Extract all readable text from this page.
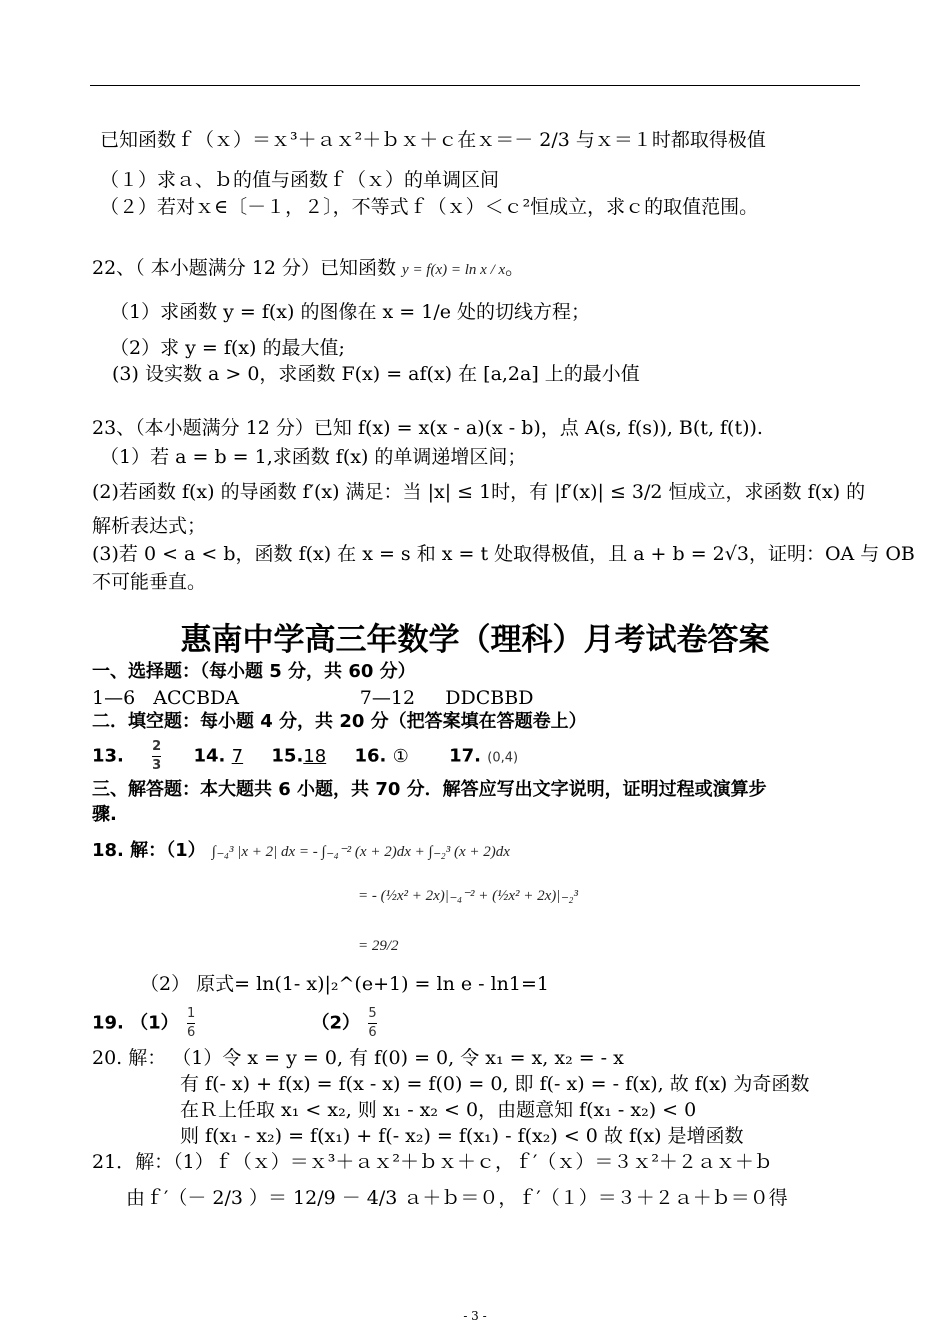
已知函数ｆ（ｘ）＝ｘ³＋ａｘ²＋ｂｘ＋ｃ在ｘ＝－ 2/3 与ｘ＝１时都取得极值
（１）求ａ、ｂ的值与函数ｆ（ｘ）的单调区间
（２）若对ｘ∈〔－１，２〕，不等式ｆ（ｘ）＜ｃ²恒成立，求ｃ的取值范围。
22、（ 本小题满分 12 分）已知函数 y = f(x) = ln x / x。
（1）求函数 y = f(x) 的图像在 x = 1/e 处的切线方程；
（2）求 y = f(x) 的最大值;
(3) 设实数 a > 0，求函数 F(x) = af(x) 在 [a,2a] 上的最小值
23、（本小题满分 12 分）已知 f(x) = x(x - a)(x - b)，点 A(s, f(s)), B(t, f(t)).
（1）若 a = b = 1,求函数 f(x) 的单调递增区间；
(2)若函数 f(x) 的导函数 f′(x) 满足：当 |x| ≤ 1时，有 |f′(x)| ≤ 3/2 恒成立，求函数 f(x) 的
解析表达式；
(3)若 0 < a < b，函数 f(x) 在 x = s 和 x = t 处取得极值，且 a + b = 2√3，证明：OA 与 OB
不可能垂直。
惠南中学高三年数学（理科）月考试卷答案
一、选择题：（每小题 5 分，共 60 分）
1—6   ACCBDA                    7—12     DDCBBD
二．填空题：每小题 4 分，共 20 分（把答案填在答题卷上）
13. $\frac{2}{3} 14$. 7 15.18 16. ① 17. (0,4)
三、解答题：本大题共 6 小题，共 70 分．解答应写出文字说明，证明过程或演算步
骤.
18. 解：（1） ∫₋₄³ |x + 2| dx = - ∫₋₄⁻² (x + 2)dx + ∫₋₂³ (x + 2)dx
= - (½x² + 2x)|₋₄⁻² + (½x² + 2x)|₋₂³
= 29/2
（2） 原式= ln(1- x)|₂^(e+1) = ln e - ln1=1
19. $(1) \frac{1}{6}$	$(2) \frac{5}{6}$
20. 解： （1）令 x = y = 0, 有 f(0) = 0, 令 x₁ = x, x₂ = - x
有 f(- x) + f(x) = f(x - x) = f(0) = 0, 即 f(- x) = - f(x), 故 f(x) 为奇函数
在Ｒ上任取 x₁ < x₂, 则 x₁ - x₂ < 0，由题意知 f(x₁ - x₂) < 0
则 f(x₁ - x₂) = f(x₁) + f(- x₂) = f(x₁) - f(x₂) < 0 故 f(x) 是增函数
21．解：（1）ｆ（ｘ）＝ｘ³＋ａｘ²＋ｂｘ＋ｃ，ｆ′（ｘ）＝３ｘ²＋２ａｘ＋ｂ
由ｆ′（－ 2/3 ）＝ 12/9 － 4/3 ａ＋ｂ＝０，ｆ′（１）＝３＋２ａ＋ｂ＝０得
- 3 -
